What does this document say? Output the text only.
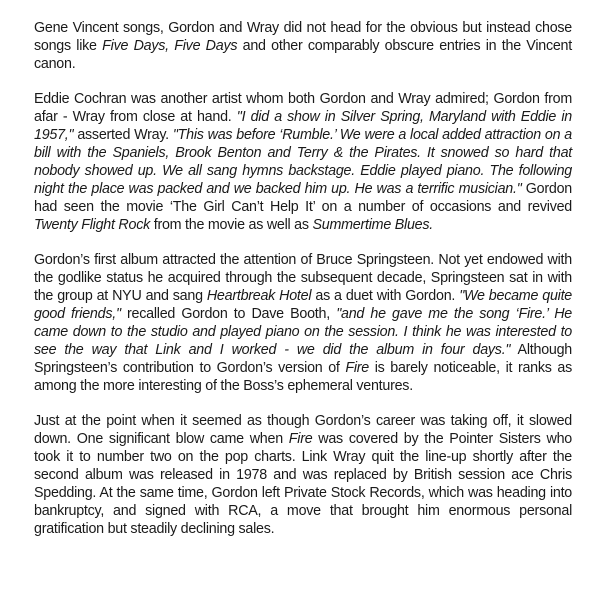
Gene Vincent songs, Gordon and Wray did not head for the obvious but instead chose songs like Five Days, Five Days and other comparably obscure entries in the Vincent canon.

Eddie Cochran was another artist whom both Gordon and Wray admired; Gordon from afar - Wray from close at hand. "I did a show in Silver Spring, Maryland with Eddie in 1957," asserted Wray. "This was before ‘Rumble.’ We were a local added attraction on a bill with the Spaniels, Brook Benton and Terry & the Pirates. It snowed so hard that nobody showed up. We all sang hymns backstage. Eddie played piano. The following night the place was packed and we backed him up. He was a terrific musician." Gordon had seen the movie ‘The Girl Can’t Help It’ on a number of occasions and revived Twenty Flight Rock from the movie as well as Summertime Blues.

Gordon’s first album attracted the attention of Bruce Springsteen. Not yet endowed with the godlike status he acquired through the subsequent decade, Springsteen sat in with the group at NYU and sang Heartbreak Hotel as a duet with Gordon. "We became quite good friends," recalled Gordon to Dave Booth, "and he gave me the song ‘Fire.’ He came down to the studio and played piano on the session. I think he was interested to see the way that Link and I worked - we did the album in four days." Although Springsteen’s contribution to Gordon’s version of Fire is barely noticeable, it ranks as among the more interesting of the Boss’s ephemeral ventures.

Just at the point when it seemed as though Gordon’s career was taking off, it slowed down. One significant blow came when Fire was covered by the Pointer Sisters who took it to number two on the pop charts. Link Wray quit the line-up shortly after the second album was released in 1978 and was replaced by British session ace Chris Spedding. At the same time, Gordon left Private Stock Records, which was heading into bankruptcy, and signed with RCA, a move that brought him enormous personal gratification but steadily declining sales.
